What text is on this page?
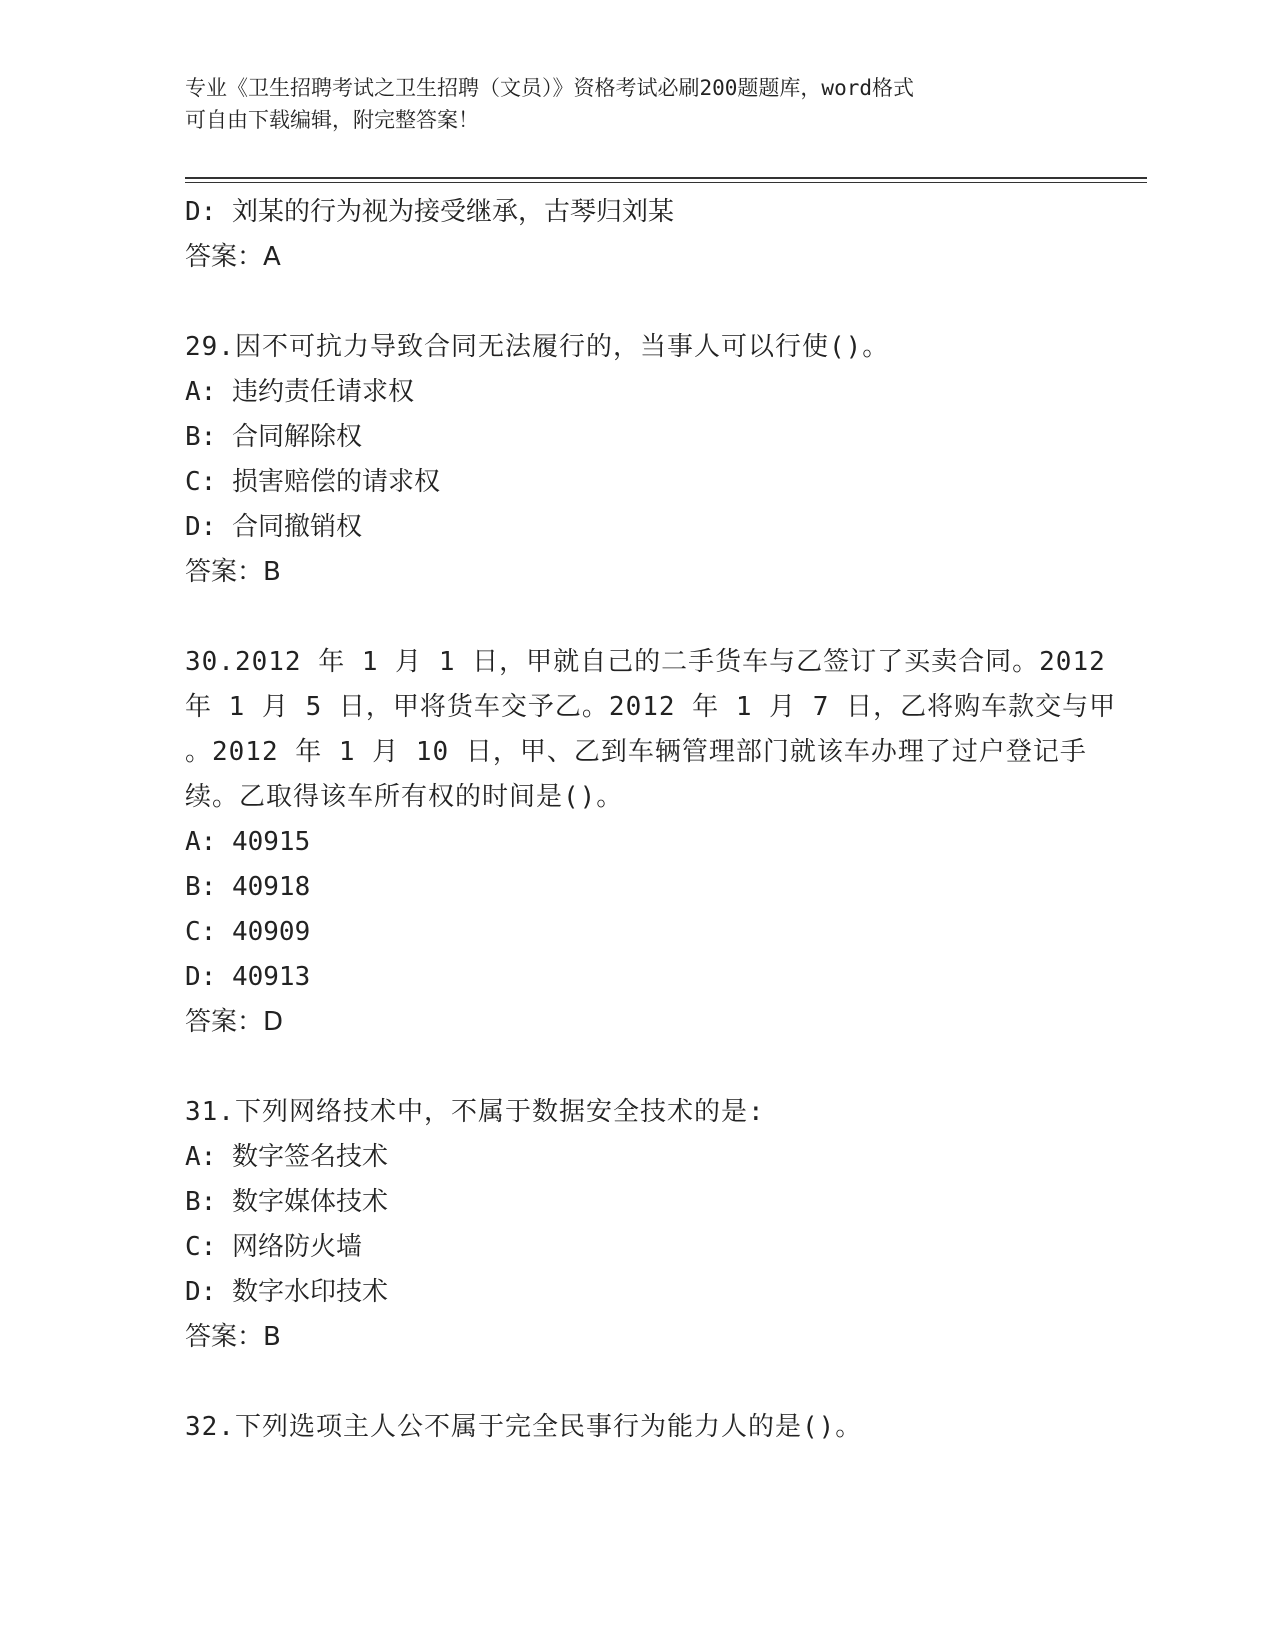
专业《卫生招聘考试之卫生招聘（文员）》资格考试必刷200题题库，word格式
可自由下载编辑，附完整答案！
D: 刘某的行为视为接受继承，古琴归刘某
答案：A
29.因不可抗力导致合同无法履行的，当事人可以行使()。
A: 违约责任请求权
B: 合同解除权
C: 损害赔偿的请求权
D: 合同撤销权
答案：B
30.2012 年 1 月 1 日，甲就自己的二手货车与乙签订了买卖合同。2012
年 1 月 5 日，甲将货车交予乙。2012 年 1 月 7 日，乙将购车款交与甲
。2012 年 1 月 10 日，甲、乙到车辆管理部门就该车办理了过户登记手
续。乙取得该车所有权的时间是()。
A: 40915
B: 40918
C: 40909
D: 40913
答案：D
31.下列网络技术中，不属于数据安全技术的是:
A: 数字签名技术
B: 数字媒体技术
C: 网络防火墙
D: 数字水印技术
答案：B
32.下列选项主人公不属于完全民事行为能力人的是()。
